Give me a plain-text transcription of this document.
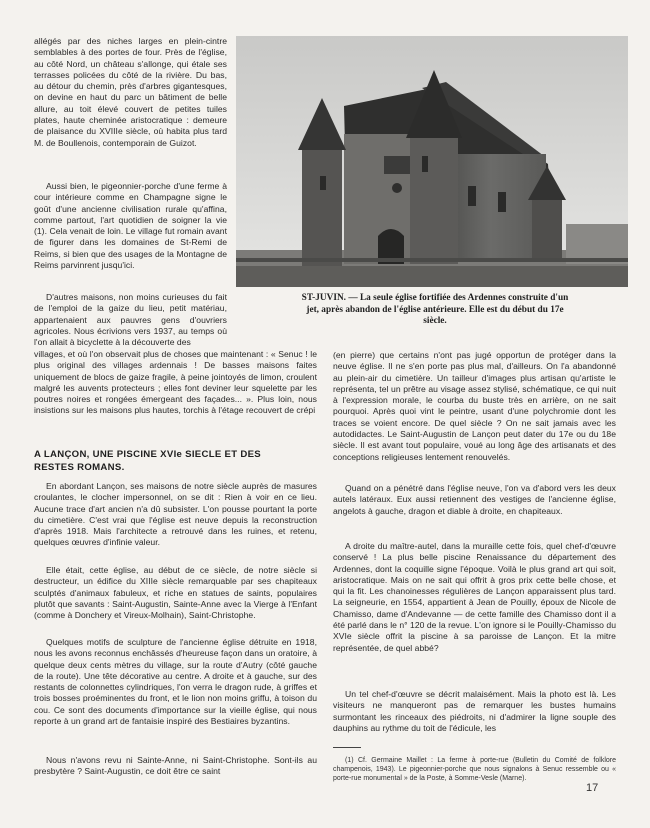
allégés par des niches larges en plein-cintre semblables à des portes de four. Près de l'église, au côté Nord, un château s'allonge, qui étale ses terrasses policées du côté de la rivière. Du bas, au détour du chemin, près d'arbres gigantesques, on devine en haut du parc un bâtiment de belle allure, au toit élevé couvert de petites tuiles plates, haute cheminée aristocratique : demeure de plaisance du XVIIIe siècle, où habita plus tard M. de Boullenois, contemporain de Guizot.

Aussi bien, le pigeonnier-porche d'une ferme à cour intérieure comme en Champagne signe le goût d'une ancienne civilisation rurale qu'affina, comme partout, l'art quotidien de soigner la vie (1). Cela venait de loin. Le village fut romain avant de figurer dans les domaines de St-Remi de Reims, si bien que des usages de la Montagne de Reims parvinrent jusqu'ici.

D'autres maisons, non moins curieuses du fait de l'emploi de la gaize du lieu, petit matériau, appartenaient aux pauvres gens d'ouvriers agricoles. Nous écrivions vers 1937, au temps où l'on allait à bicyclette à la découverte des

villages, et où l'on observait plus de choses que maintenant : « Senuc ! le plus original des villages ardennais ! De basses maisons faites uniquement de blocs de gaize fragile, à peine jointoyés de limon, croulent malgré les auvents protecteurs ; elles font deviner leur squelette par les poutres noires et rongées émergeant des façades... ». Plus loin, nous insistions sur les maisons plus hautes, torchis à l'étage recouvert de crépi

ST-JUVIN. — La seule église fortifiée des Ardennes construite d'un jet, après abandon de l'église antérieure. Elle est du début du 17e siècle.

A LANÇON, UNE PISCINE XVIe SIECLE ET DES RESTES ROMANS.

En abordant Lançon, ses maisons de notre siècle auprès de masures croulantes, le clocher impersonnel, on se dit : Rien à voir en ce lieu. Aucune trace d'art ancien n'a dû subsister. L'on pousse pourtant la porte du cimetière. C'est vrai que l'église est neuve depuis la reconstruction d'après 1918. Mais l'architecte a retrouvé dans les ruines, et retenu, quelques œuvres d'infinie valeur.

Elle était, cette église, au début de ce siècle, de notre siècle si destructeur, un édifice du XIIIe siècle remarquable par ses chapiteaux sculptés d'animaux fabuleux, et riche en statues de saints, populaires plutôt que savants : Saint-Augustin, Sainte-Anne avec la Vierge à l'Enfant (comme à Donchery et Vireux-Molhain), Saint-Christophe.

Quelques motifs de sculpture de l'ancienne église détruite en 1918, nous les avons reconnus enchâssés d'heureuse façon dans un oratoire, à quelque deux cents mètres du village, sur la route d'Autry (côté gauche de la route). Une tête décorative au centre. A droite et à gauche, sur des restants de colonnettes cylindriques, l'on verra le dragon rude, à griffes et trois bosses proéminentes du front, et le lion non moins griffu, à toison du cou. Ce sont des documents d'importance sur la vieille église, qui nous reporte à un grand art de fantaisie inspiré des Bestiaires byzantins.

Nous n'avons revu ni Sainte-Anne, ni Saint-Christophe. Sont-ils au presbytère ? Saint-Augustin, ce doit être ce saint

(en pierre) que certains n'ont pas jugé opportun de protéger dans la neuve église. Il ne s'en porte pas plus mal, d'ailleurs. On l'a abandonné au plein-air du cimetière. Un tailleur d'images plus artisan qu'artiste le représenta, tel un prêtre au visage assez stylisé, schématique, ce qui nuit à l'expression morale, le courba du buste très en arrière, on ne sait pourquoi. Après quoi vint le peintre, usant d'une polychromie dont les traces se voient encore. De quel siècle ? On ne sait jamais avec les autodidactes. Le Saint-Augustin de Lançon peut dater du 17e ou du 18e siècle. Il est avant tout populaire, voué au long âge des artisanats et des conceptions religieuses lentement renouvelés.

Quand on a pénétré dans l'église neuve, l'on va d'abord vers les deux autels latéraux. Eux aussi retiennent des vestiges de l'ancienne église, angelots à gauche, dragon et diable à droite, en chapiteaux.

A droite du maître-autel, dans la muraille cette fois, quel chef-d'œuvre conservé ! La plus belle piscine Renaissance du département des Ardennes, dont la coquille signe l'époque. Voilà le plus grand art qui soit, aristocratique. Mais on ne sait qui offrit à gros prix cette belle chose, et qui la fit. Les chanoinesses régulières de Lançon apparaissent plus tard. La seigneurie, en 1554, appartient à Jean de Pouilly, époux de Nicole de Chamisso, dame d'Andevanne — de cette famille des Chamisso dont il a été parlé dans le n° 120 de la revue. L'on ignore si le Pouilly-Chamisso du XVIe siècle offrit la piscine à sa paroisse de Lançon. Et la mitre représentée, de quel abbé?

Un tel chef-d'œuvre se décrit malaisément. Mais la photo est là. Les visiteurs ne manqueront pas de remarquer les bustes humains surmontant les rinceaux des piédroits, ni d'admirer la ligne souple des dauphins au rythme du toit de l'édicule, les

(1) Cf. Germaine Maillet : La ferme à porte-rue (Bulletin du Comité de folklore champenois, 1943). Le pigeonnier-porche que nous signalons à Senuc ressemble ou « porte-rue monumental » de la Poste, à Somme-Vesle (Marne).

17
